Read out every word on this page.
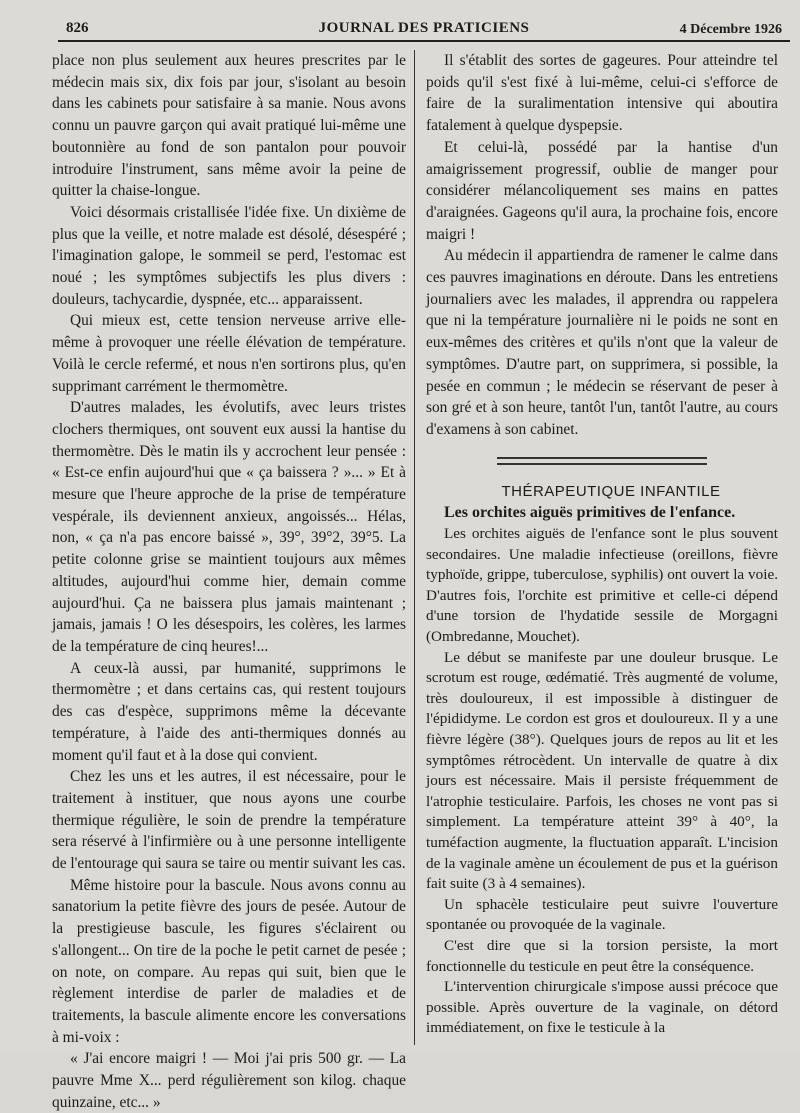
826	JOURNAL DES PRATICIENS	4 Décembre 1926

place non plus seulement aux heures prescrites par le médecin mais six, dix fois par jour, s'isolant au besoin dans les cabinets pour satisfaire à sa manie. Nous avons connu un pauvre garçon qui avait pratiqué lui-même une boutonnière au fond de son pantalon pour pouvoir introduire l'instrument, sans même avoir la peine de quitter la chaise-longue.

Voici désormais cristallisée l'idée fixe. Un dixième de plus que la veille, et notre malade est désolé, désespéré ; l'imagination galope, le sommeil se perd, l'estomac est noué ; les symptômes subjectifs les plus divers : douleurs, tachycardie, dyspnée, etc... apparaissent.

Qui mieux est, cette tension nerveuse arrive elle-même à provoquer une réelle élévation de température. Voilà le cercle refermé, et nous n'en sortirons plus, qu'en supprimant carrément le thermomètre.

D'autres malades, les évolutifs, avec leurs tristes clochers thermiques, ont souvent eux aussi la hantise du thermomètre. Dès le matin ils y accrochent leur pensée : « Est-ce enfin aujourd'hui que « ça baissera ? »... » Et à mesure que l'heure approche de la prise de température vespérale, ils deviennent anxieux, angoissés... Hélas, non, « ça n'a pas encore baissé », 39°, 39°2, 39°5. La petite colonne grise se maintient toujours aux mêmes altitudes, aujourd'hui comme hier, demain comme aujourd'hui. Ça ne baissera plus jamais maintenant ; jamais, jamais ! O les désespoirs, les colères, les larmes de la température de cinq heures!...

A ceux-là aussi, par humanité, supprimons le thermomètre ; et dans certains cas, qui restent toujours des cas d'espèce, supprimons même la décevante température, à l'aide des anti-thermiques donnés au moment qu'il faut et à la dose qui convient.

Chez les uns et les autres, il est nécessaire, pour le traitement à instituer, que nous ayons une courbe thermique régulière, le soin de prendre la température sera réservé à l'infirmière ou à une personne intelligente de l'entourage qui saura se taire ou mentir suivant les cas.

Même histoire pour la bascule. Nous avons connu au sanatorium la petite fièvre des jours de pesée. Autour de la prestigieuse bascule, les figures s'éclairent ou s'allongent... On tire de la poche le petit carnet de pesée ; on note, on compare. Au repas qui suit, bien que le règlement interdise de parler de maladies et de traitements, la bascule alimente encore les conversations à mi-voix :

« J'ai encore maigri ! — Moi j'ai pris 500 gr. — La pauvre Mme X... perd régulièrement son kilog. chaque quinzaine, etc... »

Il s'établit des sortes de gageures. Pour atteindre tel poids qu'il s'est fixé à lui-même, celui-ci s'efforce de faire de la suralimentation intensive qui aboutira fatalement à quelque dyspepsie.

Et celui-là, possédé par la hantise d'un amaigrissement progressif, oublie de manger pour considérer mélancoliquement ses mains en pattes d'araignées. Gageons qu'il aura, la prochaine fois, encore maigri !

Au médecin il appartiendra de ramener le calme dans ces pauvres imaginations en déroute. Dans les entretiens journaliers avec les malades, il apprendra ou rappelera que ni la température journalière ni le poids ne sont en eux-mêmes des critères et qu'ils n'ont que la valeur de symptômes. D'autre part, on supprimera, si possible, la pesée en commun ; le médecin se réservant de peser à son gré et à son heure, tantôt l'un, tantôt l'autre, au cours d'examens à son cabinet.

THÉRAPEUTIQUE INFANTILE

Les orchites aiguës primitives de l'enfance.

Les orchites aiguës de l'enfance sont le plus souvent secondaires. Une maladie infectieuse (oreillons, fièvre typhoïde, grippe, tuberculose, syphilis) ont ouvert la voie. D'autres fois, l'orchite est primitive et celle-ci dépend d'une torsion de l'hydatide sessile de Morgagni (Ombredanne, Mouchet).

Le début se manifeste par une douleur brusque. Le scrotum est rouge, œdématié. Très augmenté de volume, très douloureux, il est impossible à distinguer de l'épididyme. Le cordon est gros et douloureux. Il y a une fièvre légère (38°). Quelques jours de repos au lit et les symptômes rétrocèdent. Un intervalle de quatre à dix jours est nécessaire. Mais il persiste fréquemment de l'atrophie testiculaire. Parfois, les choses ne vont pas si simplement. La température atteint 39° à 40°, la tuméfaction augmente, la fluctuation apparaît. L'incision de la vaginale amène un écoulement de pus et la guérison fait suite (3 à 4 semaines).

Un sphacèle testiculaire peut suivre l'ouverture spontanée ou provoquée de la vaginale.

C'est dire que si la torsion persiste, la mort fonctionnelle du testicule en peut être la conséquence.

L'intervention chirurgicale s'impose aussi précoce que possible. Après ouverture de la vaginale, on détord immédiatement, on fixe le testicule à la
